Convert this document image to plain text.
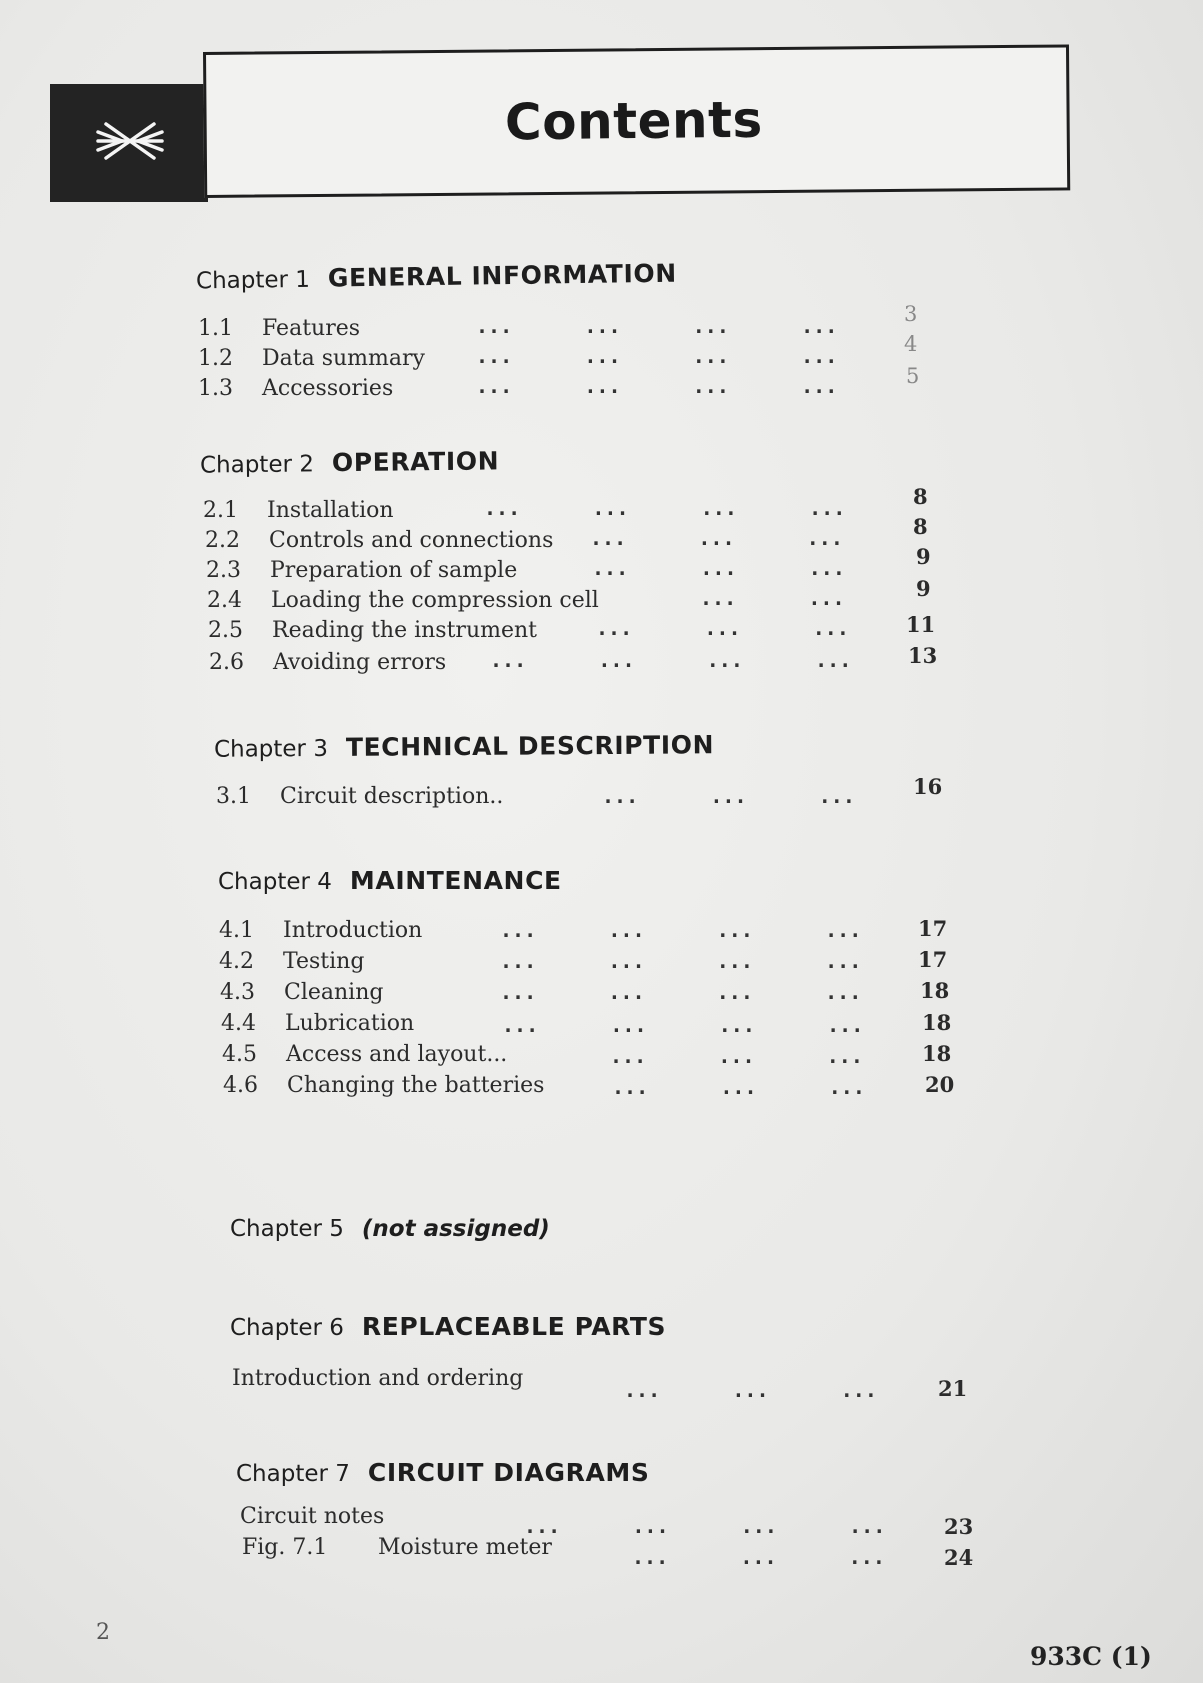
Contents
Chapter 1 GENERAL INFORMATION
1.1 Features	...	...	...	...	3
1.2 Data summary	...	...	...	...	4
1.3 Accessories	...	...	...	...	5
Chapter 2 OPERATION
2.1 Installation	...	...	...	...	8
2.2 Controls and connections ...	...	...	8
2.3 Preparation of sample	...	...	...	9
2.4 Loading the compression cell	...	...	9
2.5 Reading the instrument	...	...	...	11
2.6 Avoiding errors ...	...	...	...	13
Chapter 3 TECHNICAL DESCRIPTION
3.1 Circuit description..	...	...	...	16
Chapter 4 MAINTENANCE
4.1 Introduction	...	...	...	...	17
4.2 Testing	...	...	...	...	17
4.3 Cleaning	...	...	...	...	18
4.4 Lubrication	...	...	...	...	18
4.5 Access and layout...	...	...	...	18
4.6 Changing the batteries	...	...	...	20
Chapter 5 (not assigned)
Chapter 6 REPLACEABLE PARTS
Introduction and ordering	...	...	...	21
Chapter 7 CIRCUIT DIAGRAMS
Circuit notes	...	...	...	...	23
Fig. 7.1 Moisture meter	...	...	...	24
2
933C (1)
